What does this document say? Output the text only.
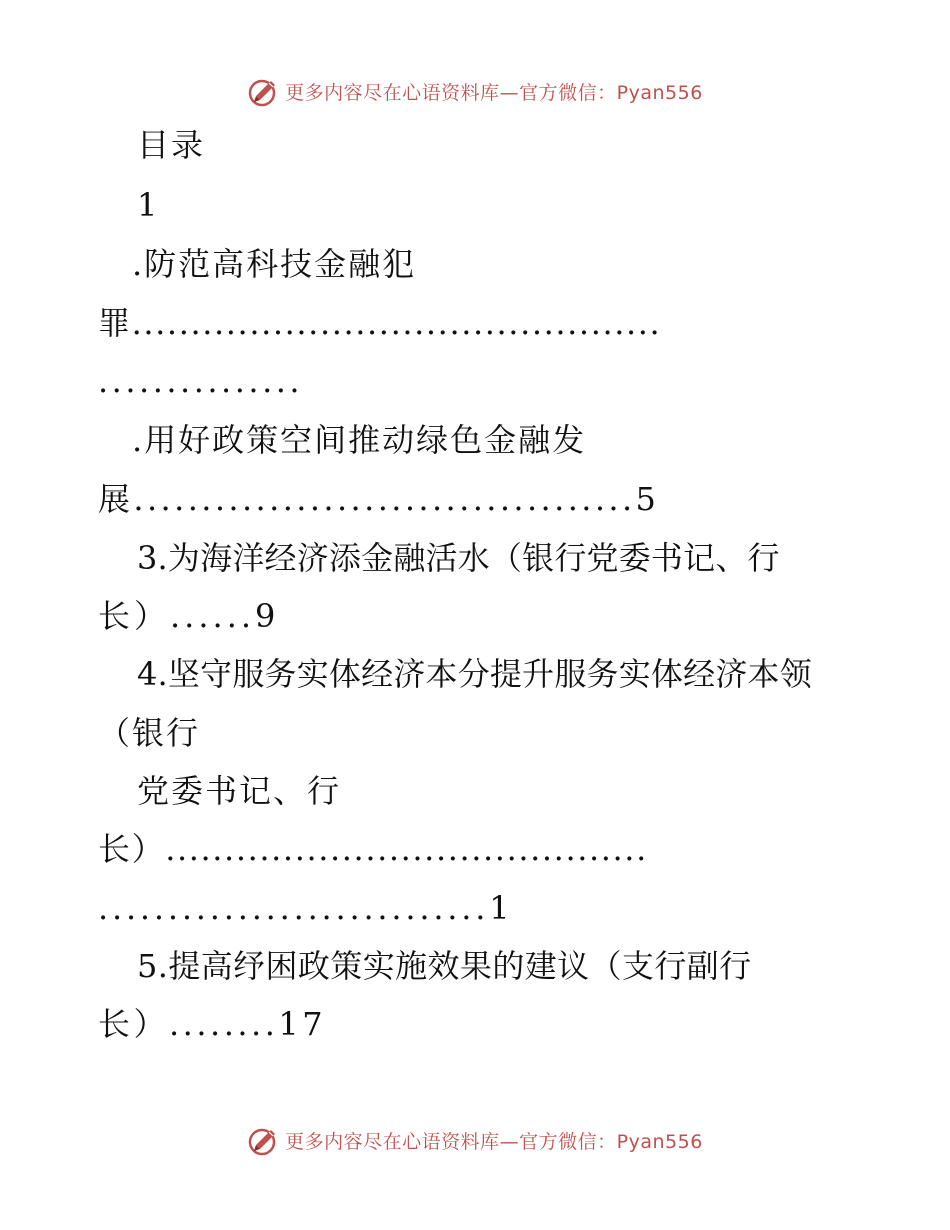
更多内容尽在心语资料库—官方微信：Pyan556
目录
1
.防范高科技金融犯
罪.............................................
...............
.用好政策空间推动绿色金融发
展.....................................5
3.为海洋经济添金融活水（银行党委书记、行
长）......9
4.坚守服务实体经济本分提升服务实体经济本领
（银行
党委书记、行
长）.........................................
............................1
5.提高纾困政策实施效果的建议（支行副行
长）........17
更多内容尽在心语资料库—官方微信：Pyan556
